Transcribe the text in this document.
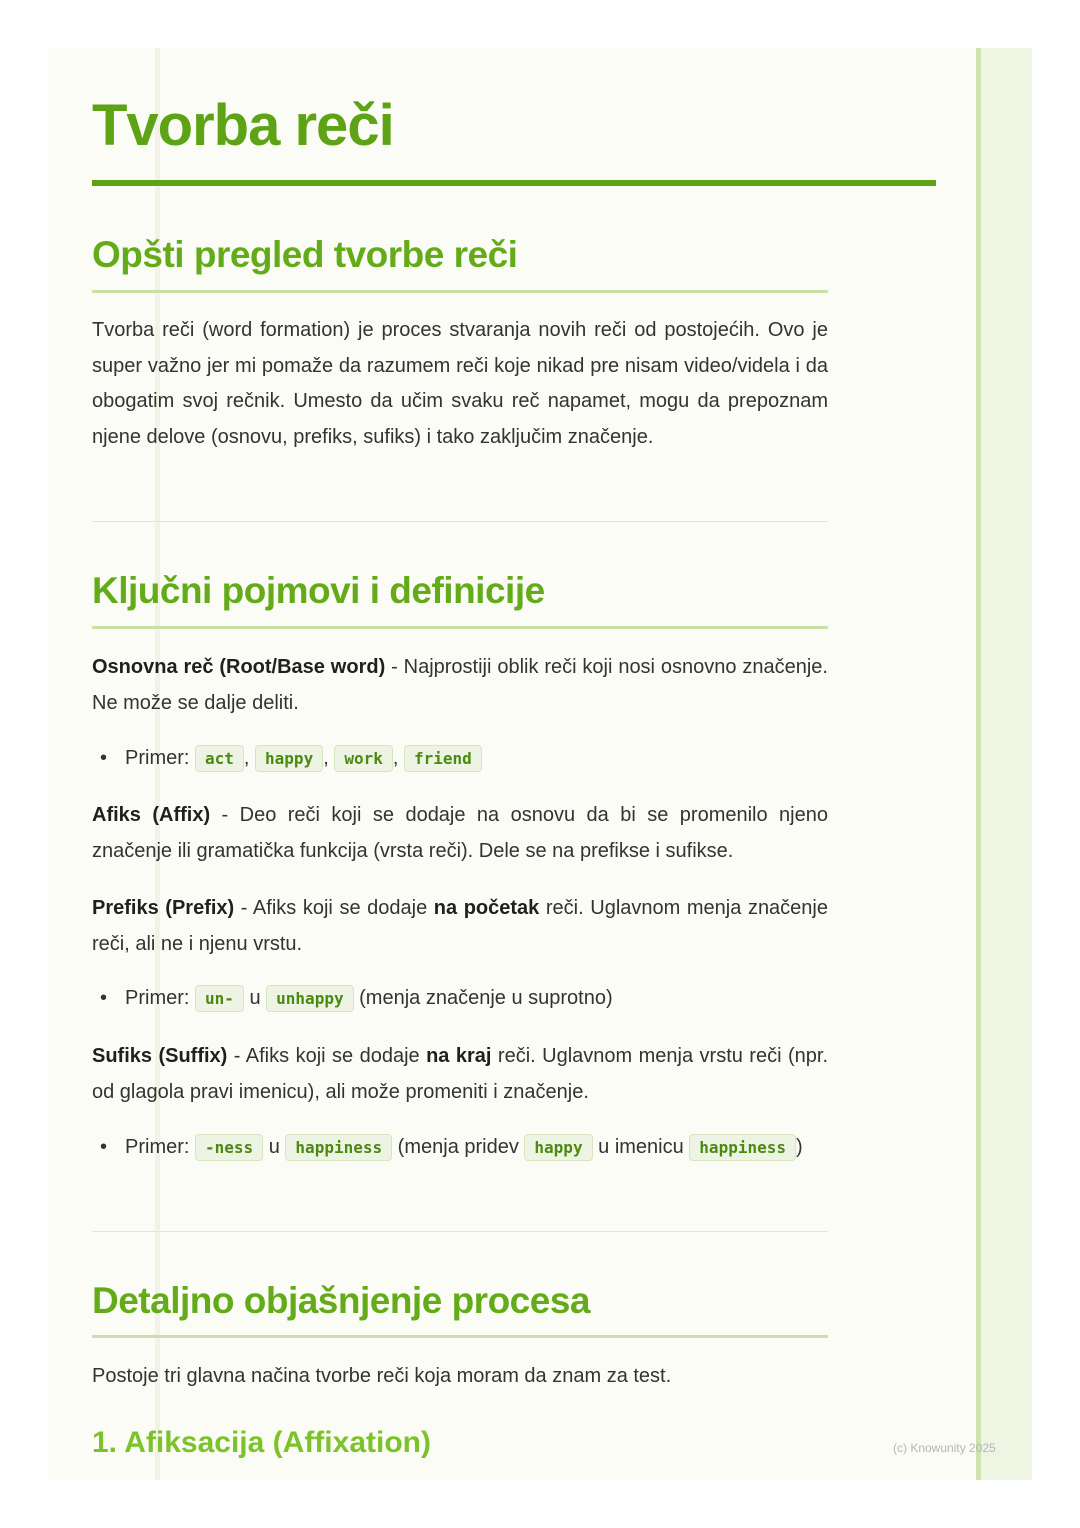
Tvorba reči
Opšti pregled tvorbe reči

Tvorba reči (word formation) je proces stvaranja novih reči od postojećih. Ovo je super važno jer mi pomaže da razumem reči koje nikad pre nisam video/videla i da obogatim svoj rečnik. Umesto da učim svaku reč napamet, mogu da prepoznam njene delove (osnovu, prefiks, sufiks) i tako zaključim značenje.

Ključni pojmovi i definicije

Osnovna reč (Root/Base word) - Najprostiji oblik reči koji nosi osnovno značenje. Ne može se dalje deliti.

• Primer: act , happy , work , friend

Afiks (Affix) - Deo reči koji se dodaje na osnovu da bi se promenilo njeno značenje ili gramatička funkcija (vrsta reči). Dele se na prefikse i sufikse.

Prefiks (Prefix) - Afiks koji se dodaje na početak reči. Uglavnom menja značenje reči, ali ne i njenu vrstu.

• Primer: un- u unhappy (menja značenje u suprotno)

Sufiks (Suffix) - Afiks koji se dodaje na kraj reči. Uglavnom menja vrstu reči (npr. od glagola pravi imenicu), ali može promeniti i značenje.

• Primer: -ness u happiness (menja pridev happy u imenicu happiness )
Detaljno objašnjenje procesa

Postoje tri glavna načina tvorbe reči koja moram da znam za test.

1. Afiksacija (Affixation)	(c) Knowunity 2025
